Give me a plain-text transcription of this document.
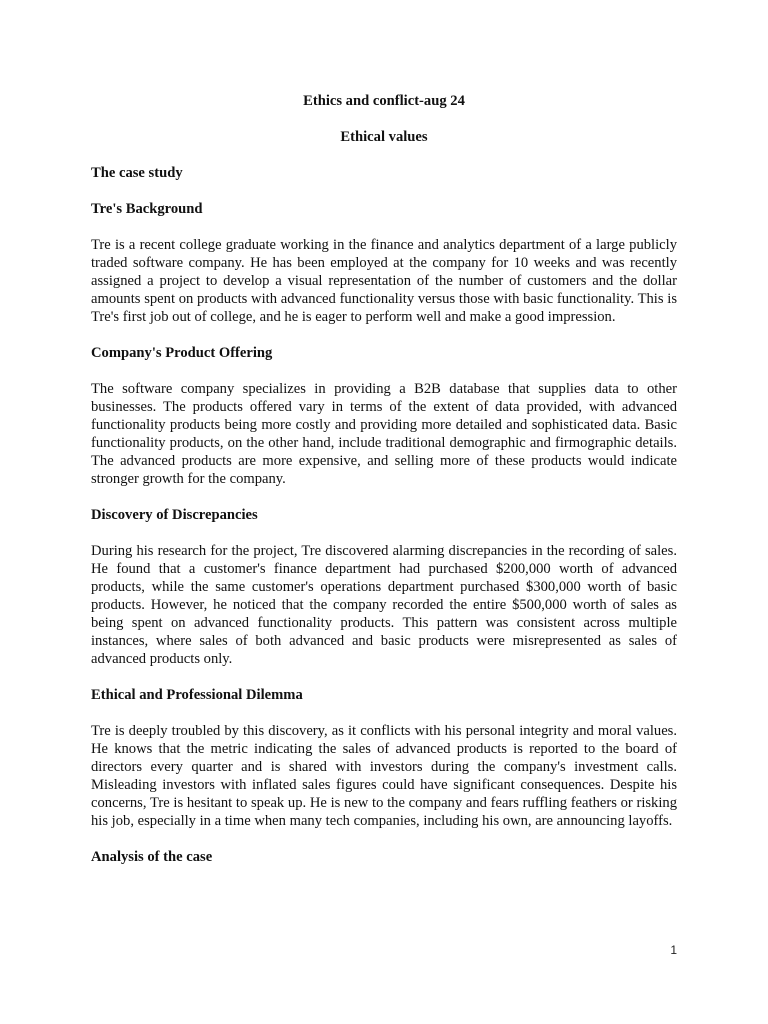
Ethics and conflict-aug 24
Ethical values
The case study
Tre's Background

Tre is a recent college graduate working in the finance and analytics department of a large publicly traded software company. He has been employed at the company for 10 weeks and was recently assigned a project to develop a visual representation of the number of customers and the dollar amounts spent on products with advanced functionality versus those with basic functionality. This is Tre's first job out of college, and he is eager to perform well and make a good impression.

Company's Product Offering

The software company specializes in providing a B2B database that supplies data to other businesses. The products offered vary in terms of the extent of data provided, with advanced functionality products being more costly and providing more detailed and sophisticated data. Basic functionality products, on the other hand, include traditional demographic and firmographic details. The advanced products are more expensive, and selling more of these products would indicate stronger growth for the company.

Discovery of Discrepancies

During his research for the project, Tre discovered alarming discrepancies in the recording of sales. He found that a customer's finance department had purchased $200,000 worth of advanced products, while the same customer's operations department purchased $300,000 worth of basic products. However, he noticed that the company recorded the entire $500,000 worth of sales as being spent on advanced functionality products. This pattern was consistent across multiple instances, where sales of both advanced and basic products were misrepresented as sales of advanced products only.

Ethical and Professional Dilemma

Tre is deeply troubled by this discovery, as it conflicts with his personal integrity and moral values. He knows that the metric indicating the sales of advanced products is reported to the board of directors every quarter and is shared with investors during the company's investment calls. Misleading investors with inflated sales figures could have significant consequences. Despite his concerns, Tre is hesitant to speak up. He is new to the company and fears ruffling feathers or risking his job, especially in a time when many tech companies, including his own, are announcing layoffs.

Analysis of the case
1
